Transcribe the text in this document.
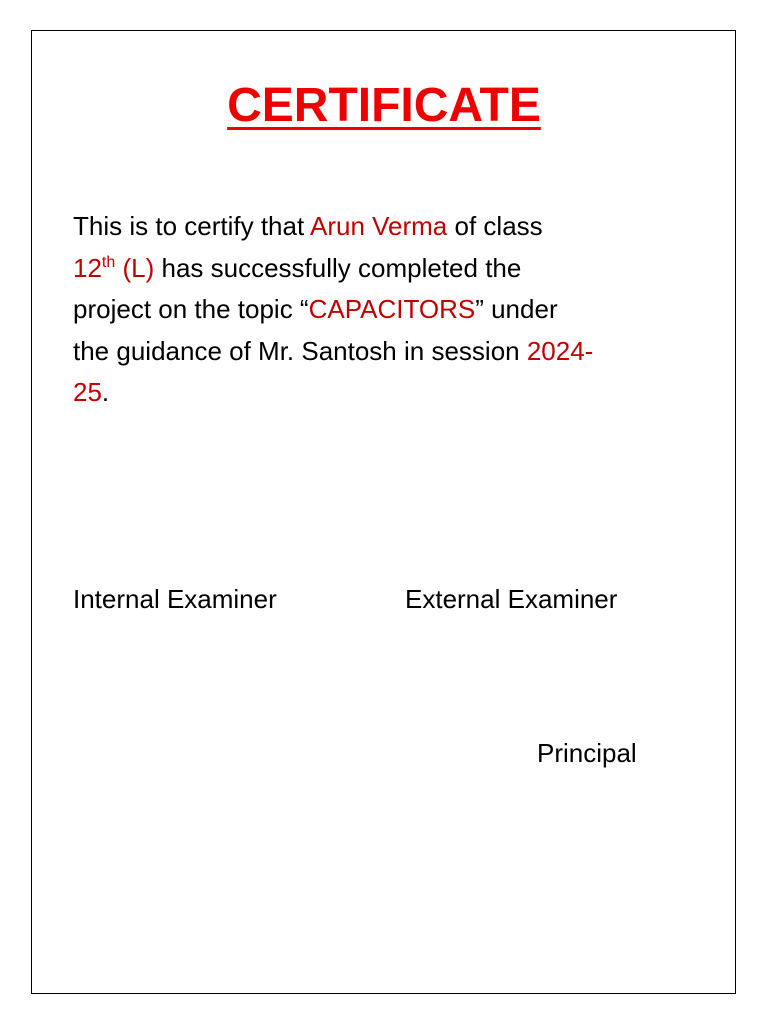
CERTIFICATE
This is to certify that Arun Verma of class
12th (L) has successfully completed the
project on the topic “CAPACITORS” under
the guidance of Mr. Santosh in session 2024-
25.
Internal Examiner	External Examiner
Principal
